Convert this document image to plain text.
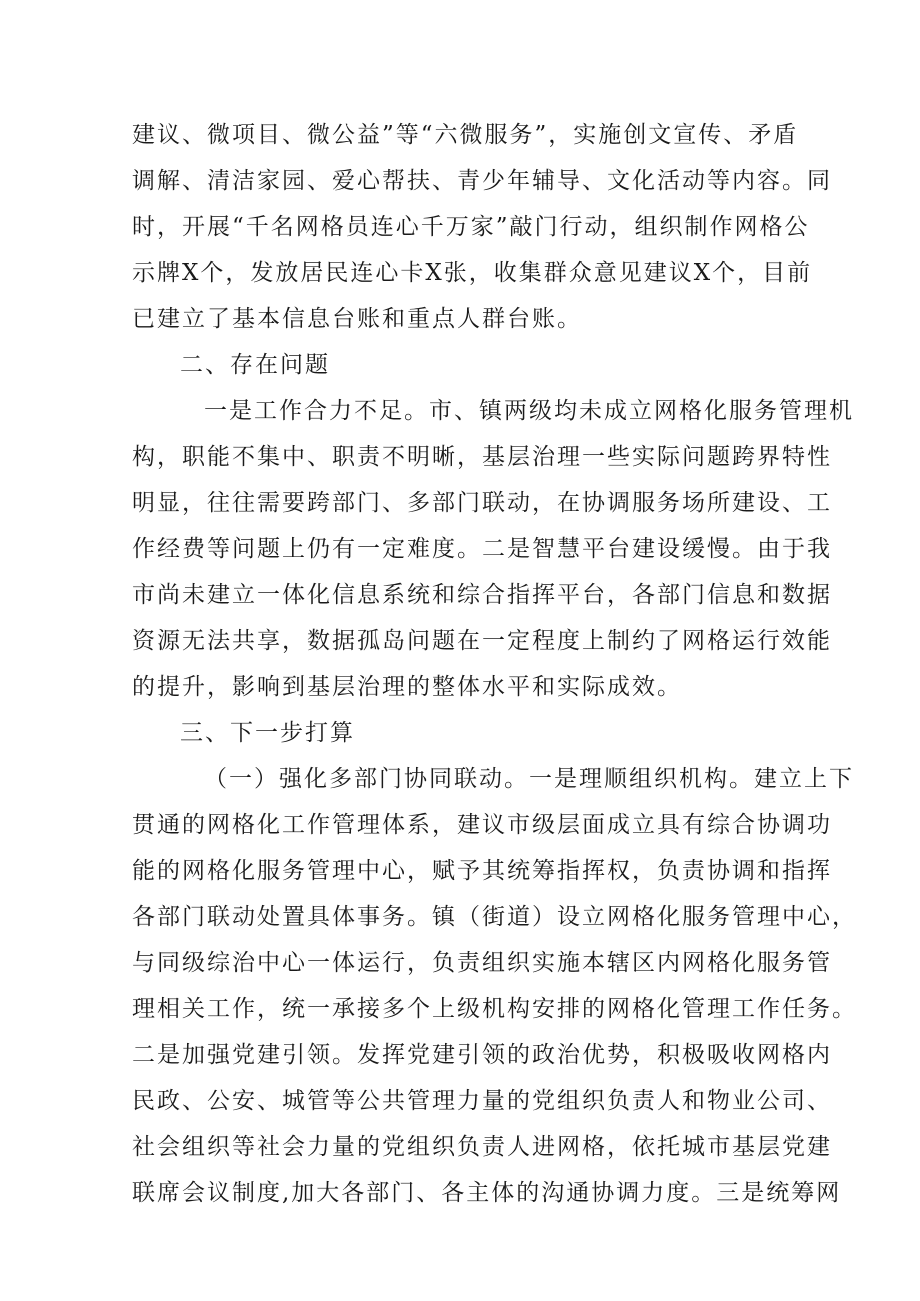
建议、微项目、微公益”等“六微服务”，实施创文宣传、矛盾
调解、清洁家园、爱心帮扶、青少年辅导、文化活动等内容。同
时，开展“千名网格员连心千万家”敲门行动，组织制作网格公
示牌X个，发放居民连心卡X张，收集群众意见建议X个，目前
已建立了基本信息台账和重点人群台账。
二、存在问题
一是工作合力不足。市、镇两级均未成立网格化服务管理机
构，职能不集中、职责不明晰，基层治理一些实际问题跨界特性
明显，往往需要跨部门、多部门联动，在协调服务场所建设、工
作经费等问题上仍有一定难度。二是智慧平台建设缓慢。由于我
市尚未建立一体化信息系统和综合指挥平台，各部门信息和数据
资源无法共享，数据孤岛问题在一定程度上制约了网格运行效能
的提升，影响到基层治理的整体水平和实际成效。
三、下一步打算
（一）强化多部门协同联动。一是理顺组织机构。建立上下
贯通的网格化工作管理体系，建议市级层面成立具有综合协调功
能的网格化服务管理中心，赋予其统筹指挥权，负责协调和指挥
各部门联动处置具体事务。镇（街道）设立网格化服务管理中心，
与同级综治中心一体运行，负责组织实施本辖区内网格化服务管
理相关工作，统一承接多个上级机构安排的网格化管理工作任务。
二是加强党建引领。发挥党建引领的政治优势，积极吸收网格内
民政、公安、城管等公共管理力量的党组织负责人和物业公司、
社会组织等社会力量的党组织负责人进网格，依托城市基层党建
联席会议制度,加大各部门、各主体的沟通协调力度。三是统筹网
